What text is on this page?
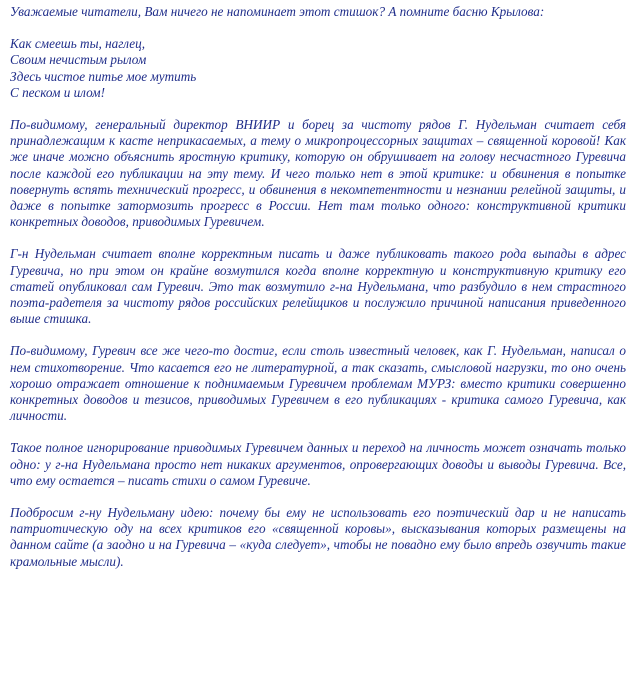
Уважаемые читатели, Вам ничего не напоминает этот стишок? А помните басню Крылова:

Как смеешь ты, наглец,
Своим нечистым рылом
Здесь чистое питье мое мутить
С песком и илом!

По-видимому, генеральный директор ВНИИР и борец за чистоту рядов Г. Нудельман считает себя принадлежащим к касте неприкасаемых, а тему о микропроцессорных защитах – священной коровой! Как же иначе можно объяснить яростную критику, которую он обрушивает на голову несчастного Гуревича после каждой его публикации на эту тему. И чего только нет в этой критике: и обвинения в попытке повернуть вспять технический прогресс, и обвинения в некомпетентности и незнании релейной защиты, и даже в попытке затормозить прогресс в России. Нет там только одного: конструктивной критики конкретных доводов, приводимых Гуревичем.

Г-н Нудельман считает вполне корректным писать и даже публиковать такого рода выпады в адрес Гуревича, но при этом он крайне возмутился когда вполне корректную и конструктивную критику его статей опубликовал сам Гуревич. Это так возмутило г-на Нудельмана, что разбудило в нем страстного поэта-радетеля за чистоту рядов российских релейщиков и послужило причиной написания приведенного выше стишка.

По-видимому, Гуревич все же чего-то достиг, если столь известный человек, как Г. Нудельман, написал о нем стихотворение. Что касается его не литературной, а так сказать, смысловой нагрузки, то оно очень хорошо отражает отношение к поднимаемым Гуревичем проблемам МУРЗ: вместо критики совершенно конкретных доводов и тезисов, приводимых Гуревичем в его публикациях - критика самого Гуревича, как личности.

Такое полное игнорирование приводимых Гуревичем данных и переход на личность может означать только одно: у г-на Нудельмана просто нет никаких аргументов, опровергающих доводы и выводы Гуревича. Все, что ему остается – писать стихи о самом Гуревиче.

Подбросим г-ну Нудельману идею: почему бы ему не использовать его поэтический дар и не написать патриотическую оду на всех критиков его «священной коровы», высказывания которых размещены на данном сайте (а заодно и на Гуревича – «куда следует», чтобы не повадно ему было впредь озвучить такие крамольные мысли).
